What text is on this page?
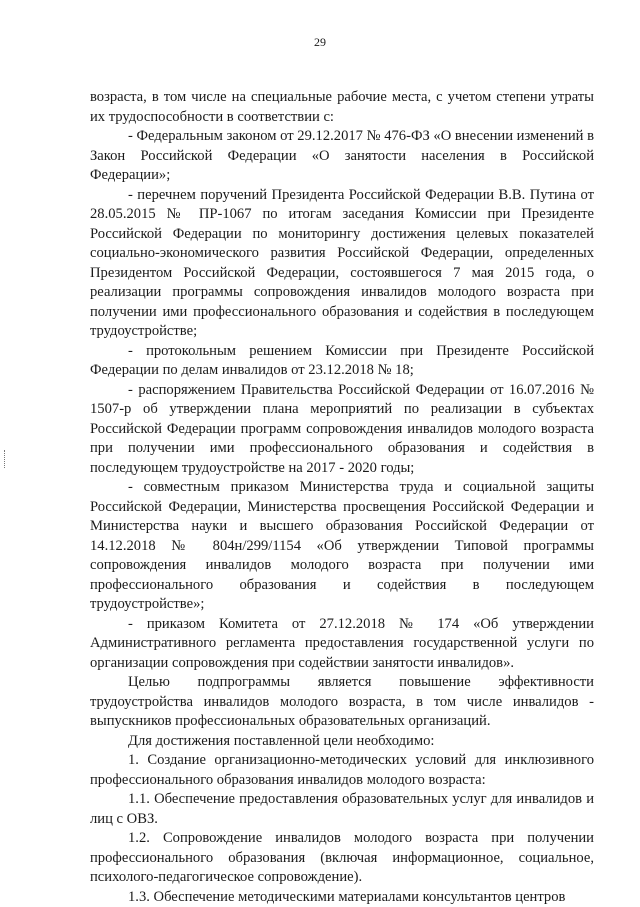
29

возраста, в том числе на специальные рабочие места, с учетом степени утраты их трудоспособности в соответствии с:

- Федеральным законом от 29.12.2017 № 476-ФЗ «О внесении изменений в Закон Российской Федерации «О занятости населения в Российской Федерации»;

- перечнем поручений Президента Российской Федерации В.В. Путина от 28.05.2015 № ПР-1067 по итогам заседания Комиссии при Президенте Российской Федерации по мониторингу достижения целевых показателей социально-экономического развития Российской Федерации, определенных Президентом Российской Федерации, состоявшегося 7 мая 2015 года, о реализации программы сопровождения инвалидов молодого возраста при получении ими профессионального образования и содействия в последующем трудоустройстве;

- протокольным решением Комиссии при Президенте Российской Федерации по делам инвалидов от 23.12.2018 № 18;

- распоряжением Правительства Российской Федерации от 16.07.2016 № 1507-р об утверждении плана мероприятий по реализации в субъектах Российской Федерации программ сопровождения инвалидов молодого возраста при получении ими профессионального образования и содействия в последующем трудоустройстве на 2017 - 2020 годы;

- совместным приказом Министерства труда и социальной защиты Российской Федерации, Министерства просвещения Российской Федерации и Министерства науки и высшего образования Российской Федерации от 14.12.2018 № 804н/299/1154 «Об утверждении Типовой программы сопровождения инвалидов молодого возраста при получении ими профессионального образования и содействия в последующем трудоустройстве»;

- приказом Комитета от 27.12.2018 № 174 «Об утверждении Административного регламента предоставления государственной услуги по организации сопровождения при содействии занятости инвалидов».

Целью подпрограммы является повышение эффективности трудоустройства инвалидов молодого возраста, в том числе инвалидов - выпускников профессиональных образовательных организаций.

Для достижения поставленной цели необходимо:

1. Создание организационно-методических условий для инклюзивного профессионального образования инвалидов молодого возраста:

1.1. Обеспечение предоставления образовательных услуг для инвалидов и лиц с ОВЗ.

1.2. Сопровождение инвалидов молодого возраста при получении профессионального образования (включая информационное, социальное, психолого-педагогическое сопровождение).

1.3. Обеспечение методическими материалами консультантов центров
